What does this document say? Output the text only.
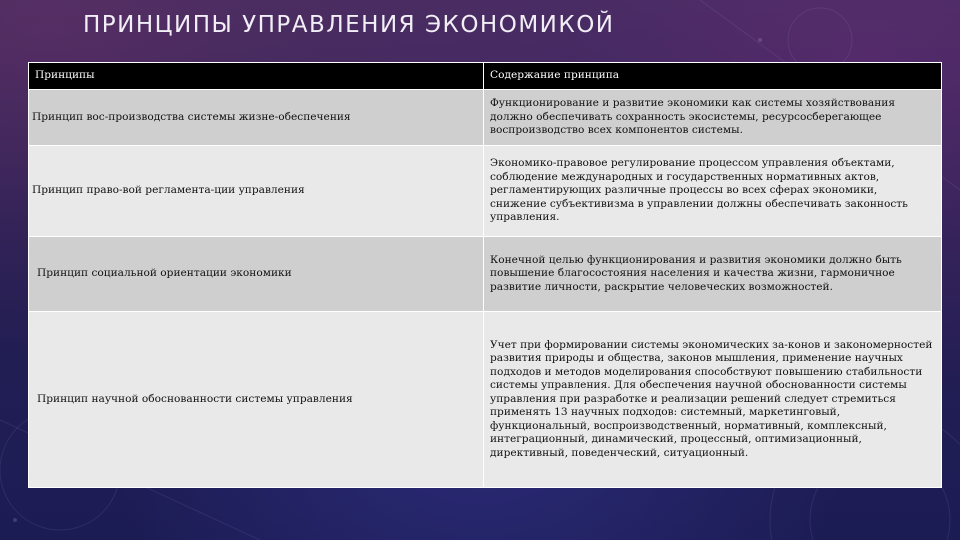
ПРИНЦИПЫ УПРАВЛЕНИЯ ЭКОНОМИКОЙ
Принципы	Содержание принципа
Принцип вос-производства системы жизне-обеспечения	Функционирование и развитие экономики как системы хозяйствования должно обеспечивать сохранность экосистемы, ресурсосберегающее воспроизводство всех компонентов системы.
Принцип право-вой регламента-ции управления	Экономико-правовое регулирование процессом управления объектами, соблюдение международных и государственных нормативных актов, регламентирующих различные процессы во всех сферах экономики, снижение субъективизма в управлении должны обеспечивать законность управления.
Принцип социальной ориентации экономики	Конечной целью функционирования и развития экономики должно быть повышение благосостояния населения и качества жизни, гармоничное развитие личности, раскрытие человеческих возможностей.
Принцип научной обоснованности системы управления	Учет при формировании системы экономических за-конов и закономерностей развития природы и общества, законов мышления, применение научных подходов и методов моделирования способствуют повышению стабильности системы управления. Для обеспечения научной обоснованности системы управления при разработке и реализации решений следует стремиться применять 13 научных подходов: системный, маркетинговый, функциональный, воспроизводственный, нормативный, комплексный, интеграционный, динамический, процессный, оптимизационный, директивный, поведенческий, ситуационный.
